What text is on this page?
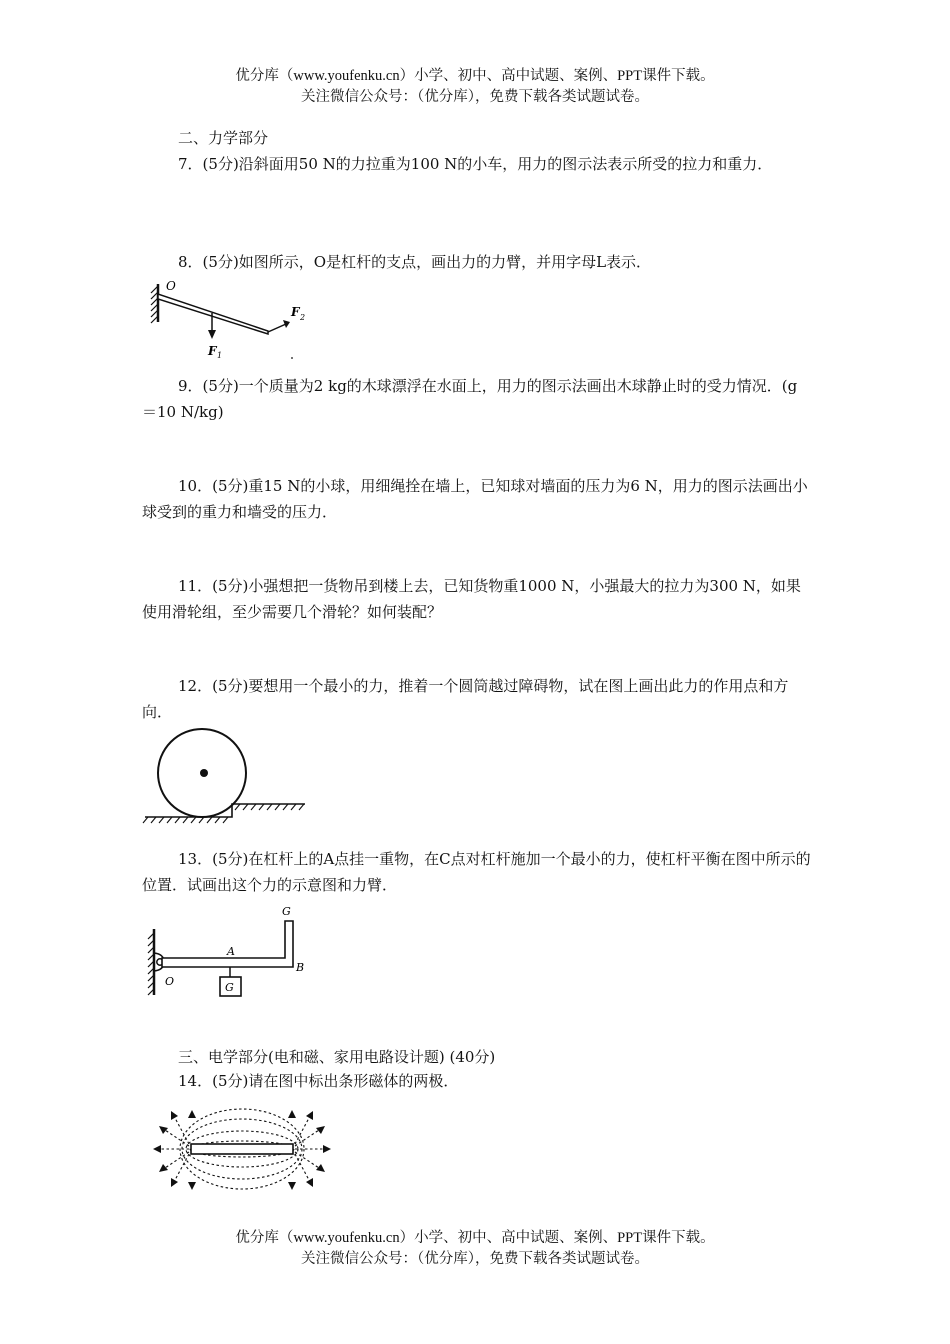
优分库（www.youfenku.cn）小学、初中、高中试题、案例、PPT课件下载。
关注微信公众号：（优分库），免费下载各类试题试卷。
二、力学部分
7．(5分)沿斜面用50 N的力拉重为100 N的小车，用力的图示法表示所受的拉力和重力．
8．(5分)如图所示，O是杠杆的支点，画出力的力臂，并用字母L表示．
O
F 1
F 2
9．(5分)一个质量为2 kg的木球漂浮在水面上，用力的图示法画出木球静止时的受力情况．(g＝10 N/kg)
10．(5分)重15 N的小球，用细绳拴在墙上，已知球对墙面的压力为6 N，用力的图示法画出小球受到的重力和墙受的压力．
11．(5分)小强想把一货物吊到楼上去，已知货物重1000 N，小强最大的拉力为300 N，如果使用滑轮组，至少需要几个滑轮？如何装配？
12．(5分)要想用一个最小的力，推着一个圆筒越过障碍物，试在图上画出此力的作用点和方向．
13．(5分)在杠杆上的A点挂一重物，在C点对杠杆施加一个最小的力，使杠杆平衡在图中所示的位置．试画出这个力的示意图和力臂．
G
A
B
O	G
三、电学部分(电和磁、家用电路设计题) (40分)
14．(5分)请在图中标出条形磁体的两极．
优分库（www.youfenku.cn）小学、初中、高中试题、案例、PPT课件下载。
关注微信公众号：（优分库），免费下载各类试题试卷。
